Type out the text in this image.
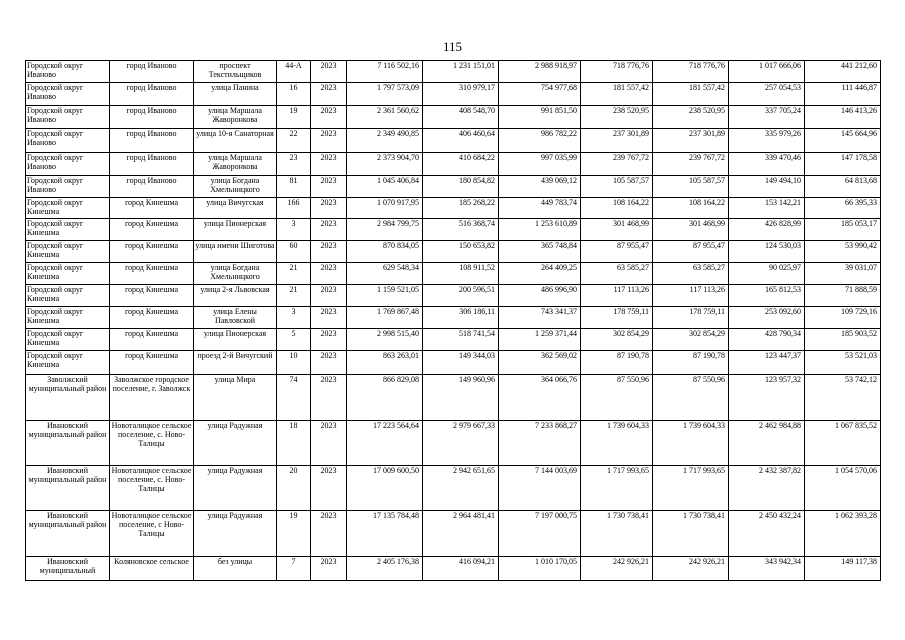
115
Городской округ Иваново	город Иваново	проспект Текстильщиков	44-А	2023	7 116 502,16	1 231 151,01	2 988 918,97	718 776,76	718 776,76	1 017 666,06	441 212,60
Городской округ Иваново	город Иваново	улица Панина	16	2023	1 797 573,09	310 979,17	754 977,68	181 557,42	181 557,42	257 054,53	111 446,87
Городской округ Иваново	город Иваново	улица Маршала Жаворонкова	19	2023	2 361 560,62	408 548,70	991 851,50	238 520,95	238 520,95	337 705,24	146 413,26
Городской округ Иваново	город Иваново	улица 10-я Санаторная	22	2023	2 349 490,85	406 460,64	986 782,22	237 301,89	237 301,89	335 979,26	145 664,96
Городской округ Иваново	город Иваново	улица Маршала Жаворонкова	23	2023	2 373 904,70	410 684,22	997 035,99	239 767,72	239 767,72	339 470,46	147 178,58
Городской округ Иваново	город Иваново	улица Богдана Хмельницкого	81	2023	1 045 406,84	180 854,82	439 069,12	105 587,57	105 587,57	149 494,10	64 813,68
Городской округ Кинешма	город Кинешма	улица Вичугская	166	2023	1 070 917,95	185 268,22	449 783,74	108 164,22	108 164,22	153 142,21	66 395,33
Городской округ Кинешма	город Кинешма	улица Пионерская	3	2023	2 984 799,75	516 368,74	1 253 610,89	301 468,99	301 468,99	426 828,99	185 053,17
Городской округ Кинешма	город Кинешма	улица имени Шиготова	60	2023	870 834,05	150 653,82	365 748,84	87 955,47	87 955,47	124 530,03	53 990,42
Городской округ Кинешма	город Кинешма	улица Богдана Хмельницкого	21	2023	629 548,34	108 911,52	264 409,25	63 585,27	63 585,27	90 025,97	39 031,07
Городской округ Кинешма	город Кинешма	улица 2-я Львовская	21	2023	1 159 521,05	200 596,51	486 996,90	117 113,26	117 113,26	165 812,53	71 888,59
Городской округ Кинешма	город Кинешма	улица Елены Павловской	3	2023	1 769 867,48	306 186,11	743 341,37	178 759,11	178 759,11	253 092,60	109 729,16
Городской округ Кинешма	город Кинешма	улица Пионерская	5	2023	2 998 515,40	518 741,54	1 259 371,44	302 854,29	302 854,29	428 790,34	185 903,52
Городской округ Кинешма	город Кинешма	проезд 2-й Вичугский	10	2023	863 263,01	149 344,03	362 569,02	87 190,78	87 190,78	123 447,37	53 521,03
Заволжский муниципальный район	Заволжское городское поселение, г. Заволжск	улица Мира	74	2023	866 829,08	149 960,96	364 066,76	87 550,96	87 550,96	123 957,32	53 742,12
Ивановский муниципальный район	Новоталицкое сельское поселение, с. Ново-Талицы	улица Радужная	18	2023	17 223 564,64	2 979 667,33	7 233 868,27	1 739 604,33	1 739 604,33	2 462 984,88	1 067 835,52
Ивановский муниципальный район	Новоталицкое сельское поселение, с. Ново-Талицы	улица Радужная	20	2023	17 009 600,50	2 942 651,65	7 144 003,69	1 717 993,65	1 717 993,65	2 432 387,82	1 054 570,06
Ивановский муниципальный район	Новоталицкое сельское поселение, с Ново-Талицы	улица Радужная	19	2023	17 135 784,48	2 964 481,41	7 197 000,75	1 730 738,41	1 730 738,41	2 450 432,24	1 062 393,28
Ивановский муниципальный	Коляновское сельское	без улицы	7	2023	2 405 176,38	416 094,21	1 010 170,05	242 926,21	242 926,21	343 942,34	149 117,38
